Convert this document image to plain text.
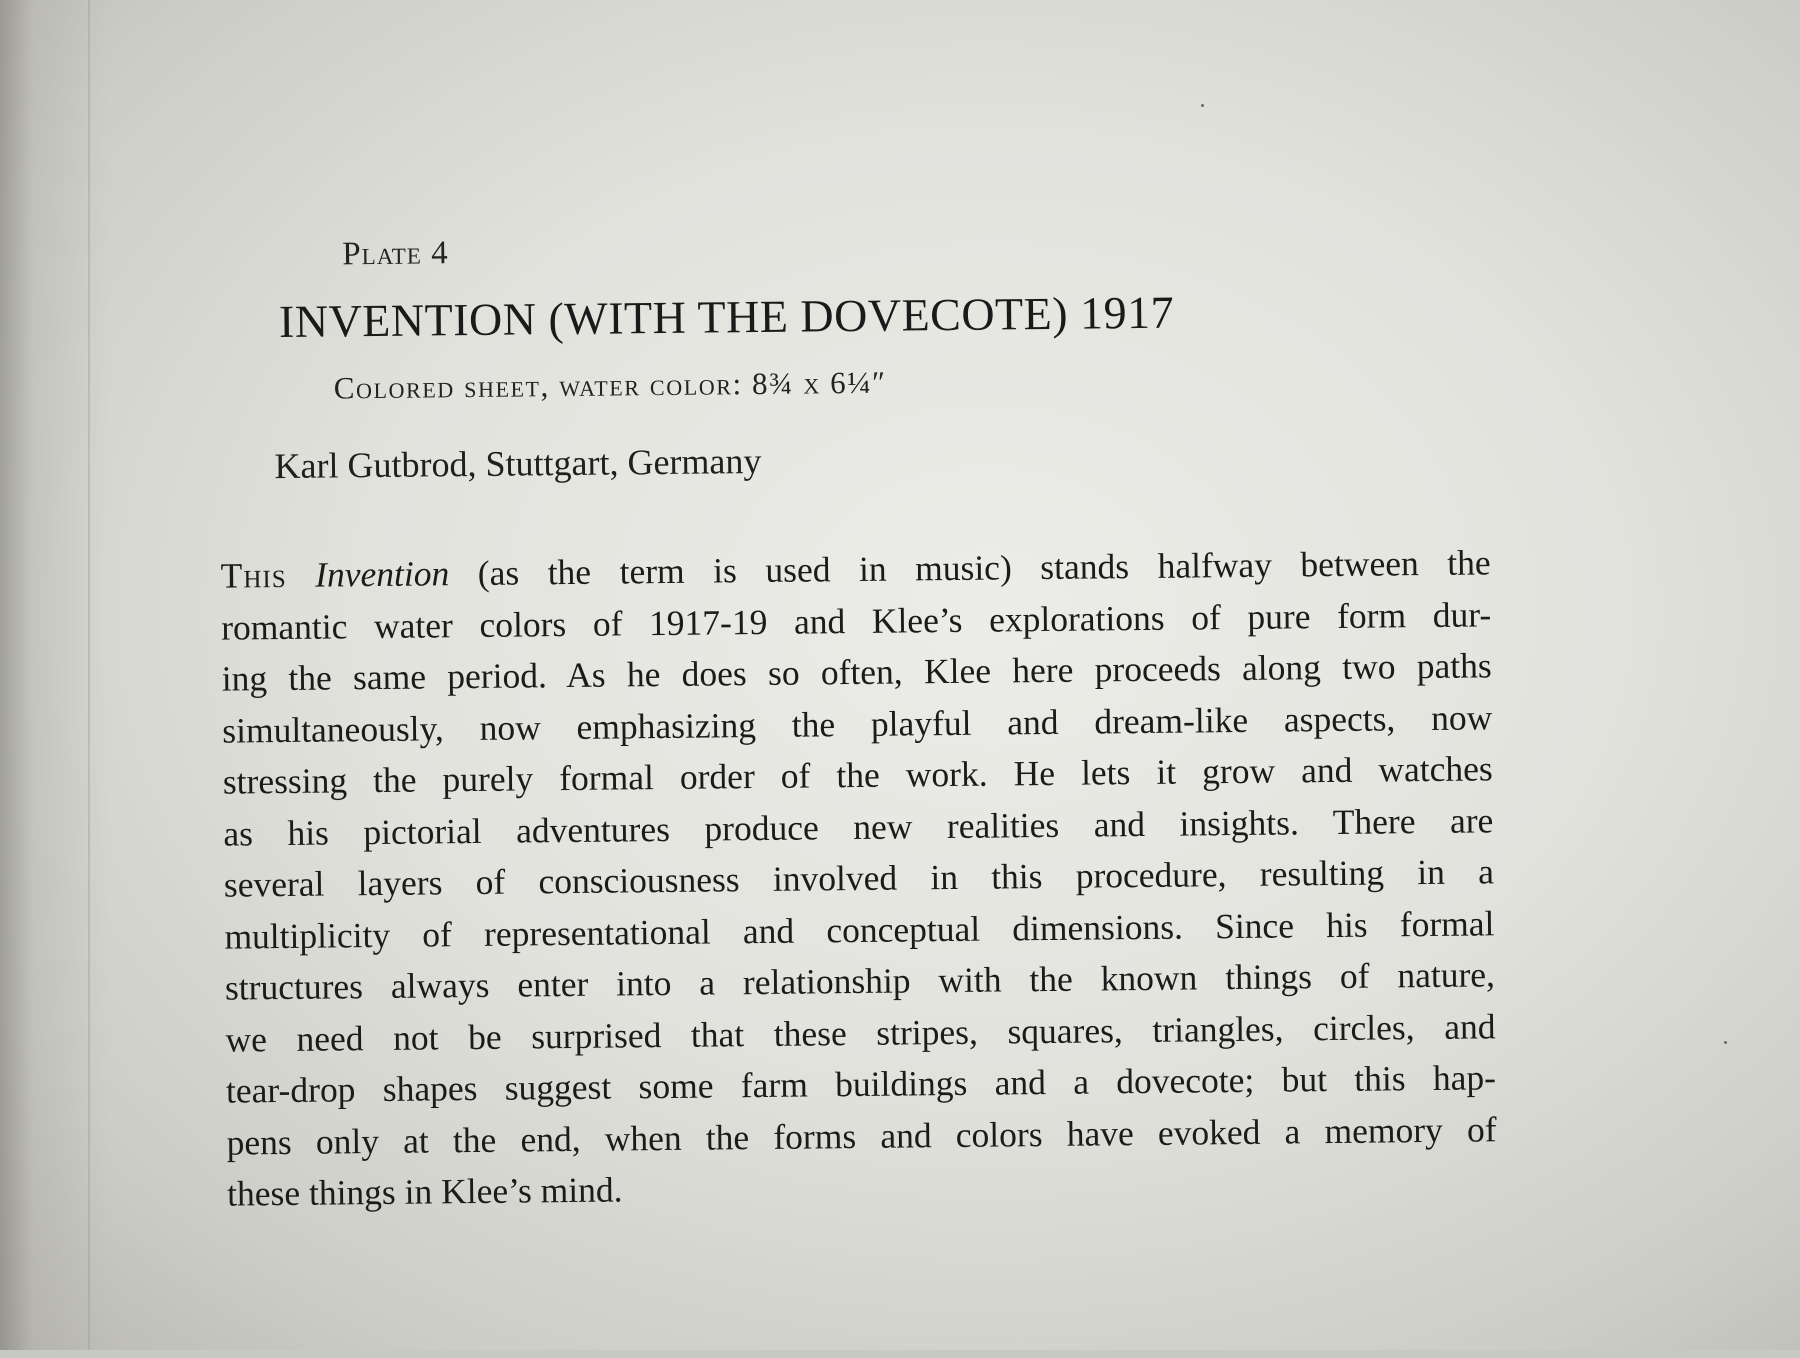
Plate 4
INVENTION (WITH THE DOVECOTE) 1917
Colored sheet, water color: 8¾ x 6¼″
Karl Gutbrod, Stuttgart, Germany
This Invention (as the term is used in music) stands halfway between the
romantic water colors of 1917-19 and Klee’s explorations of pure form dur-
ing the same period. As he does so often, Klee here proceeds along two paths
simultaneously, now emphasizing the playful and dream-like aspects, now
stressing the purely formal order of the work. He lets it grow and watches
as his pictorial adventures produce new realities and insights. There are
several layers of consciousness involved in this procedure, resulting in a
multiplicity of representational and conceptual dimensions. Since his formal
structures always enter into a relationship with the known things of nature,
we need not be surprised that these stripes, squares, triangles, circles, and
tear-drop shapes suggest some farm buildings and a dovecote; but this hap-
pens only at the end, when the forms and colors have evoked a memory of
these things in Klee’s mind.
